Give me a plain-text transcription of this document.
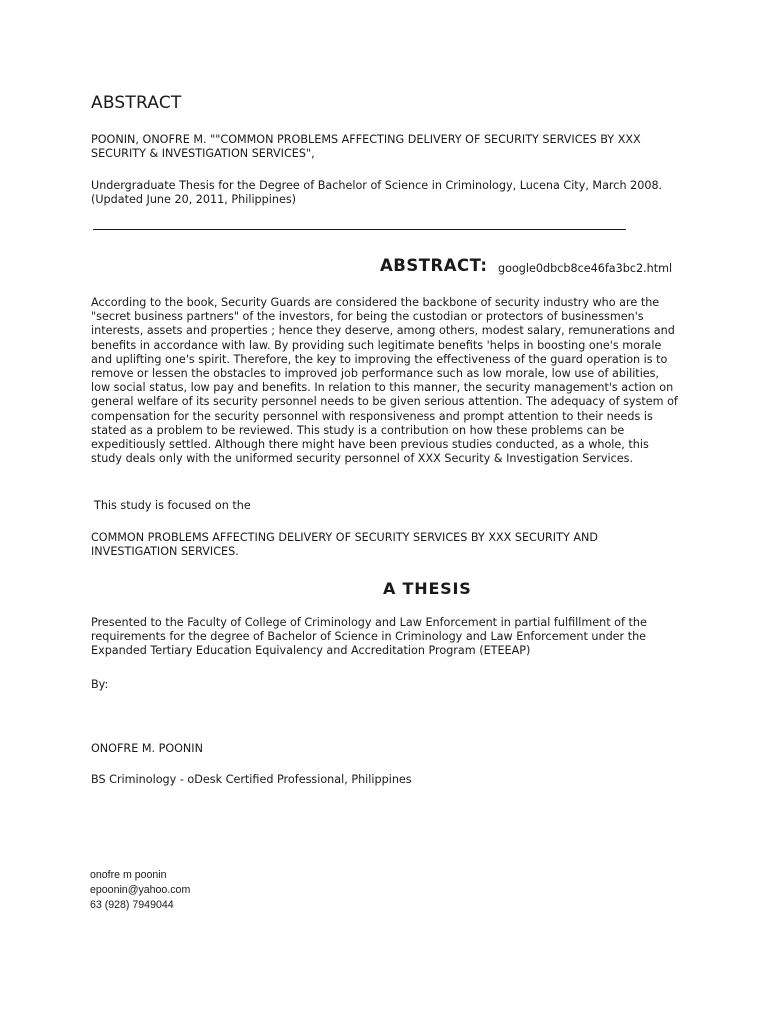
ABSTRACT
POONIN, ONOFRE M. ""COMMON PROBLEMS AFFECTING DELIVERY OF SECURITY SERVICES BY XXX SECURITY & INVESTIGATION SERVICES",
Undergraduate Thesis for the Degree of Bachelor of Science in Criminology, Lucena City, March 2008.(Updated June 20, 2011, Philippines)
ABSTRACT: google0dbcb8ce46fa3bc2.html
According to the book, Security Guards are considered the backbone of security industry who are the "secret business partners" of the investors, for being the custodian or protectors of businessmen's interests, assets and properties ; hence they deserve, among others, modest salary, remunerations and benefits in accordance with law. By providing such legitimate benefits 'helps in boosting one's morale and uplifting one's spirit. Therefore, the key to improving the effectiveness of the guard operation is to remove or lessen the obstacles to improved job performance such as low morale, low use of abilities, low social status, low pay and benefits. In relation to this manner, the security management's action on general welfare of its security personnel needs to be given serious attention. The adequacy of system of compensation for the security personnel with responsiveness and prompt attention to their needs is stated as a problem to be reviewed. This study is a contribution on how these problems can be expeditiously settled. Although there might have been previous studies conducted, as a whole, this study deals only with the uniformed security personnel of XXX Security & Investigation Services.
This study is focused on the
COMMON PROBLEMS AFFECTING DELIVERY OF SECURITY SERVICES BY XXX SECURITY AND INVESTIGATION SERVICES.
A THESIS
Presented to the Faculty of College of Criminology and Law Enforcement in partial fulfillment of the requirements for the degree of Bachelor of Science in Criminology and Law Enforcement under the Expanded Tertiary Education Equivalency and Accreditation Program (ETEEAP)
By:
ONOFRE M. POONIN
BS Criminology - oDesk Certified Professional, Philippines
onofre m poonin
epoonin@yahoo.com
63 (928) 7949044
